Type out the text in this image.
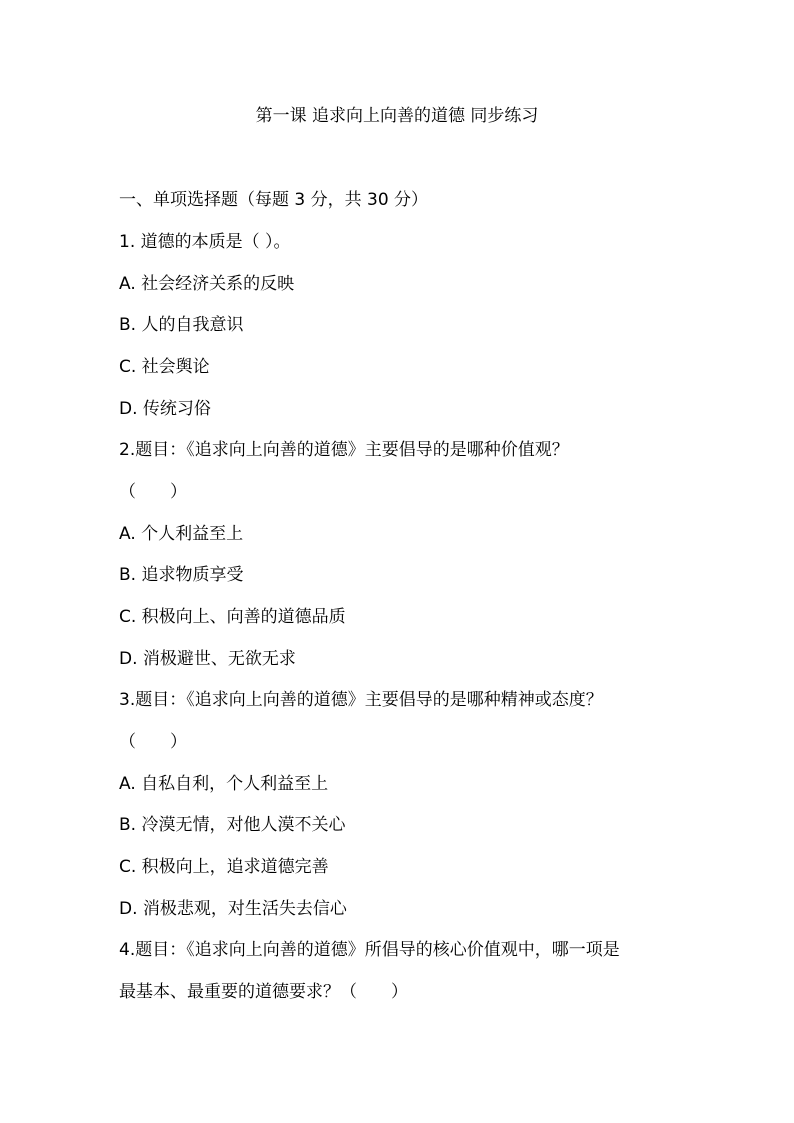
第一课 追求向上向善的道德 同步练习
一、单项选择题（每题 3 分，共 30 分）
1. 道德的本质是（ ）。
A. 社会经济关系的反映
B. 人的自我意识
C. 社会舆论
D. 传统习俗
2.题目：《追求向上向善的道德》主要倡导的是哪种价值观？
（　　）
A. 个人利益至上
B. 追求物质享受
C. 积极向上、向善的道德品质
D. 消极避世、无欲无求
3.题目：《追求向上向善的道德》主要倡导的是哪种精神或态度？
（　　）
A. 自私自利，个人利益至上
B. 冷漠无情，对他人漠不关心
C. 积极向上，追求道德完善
D. 消极悲观，对生活失去信心
4.题目：《追求向上向善的道德》所倡导的核心价值观中，哪一项是
最基本、最重要的道德要求？（　　）
